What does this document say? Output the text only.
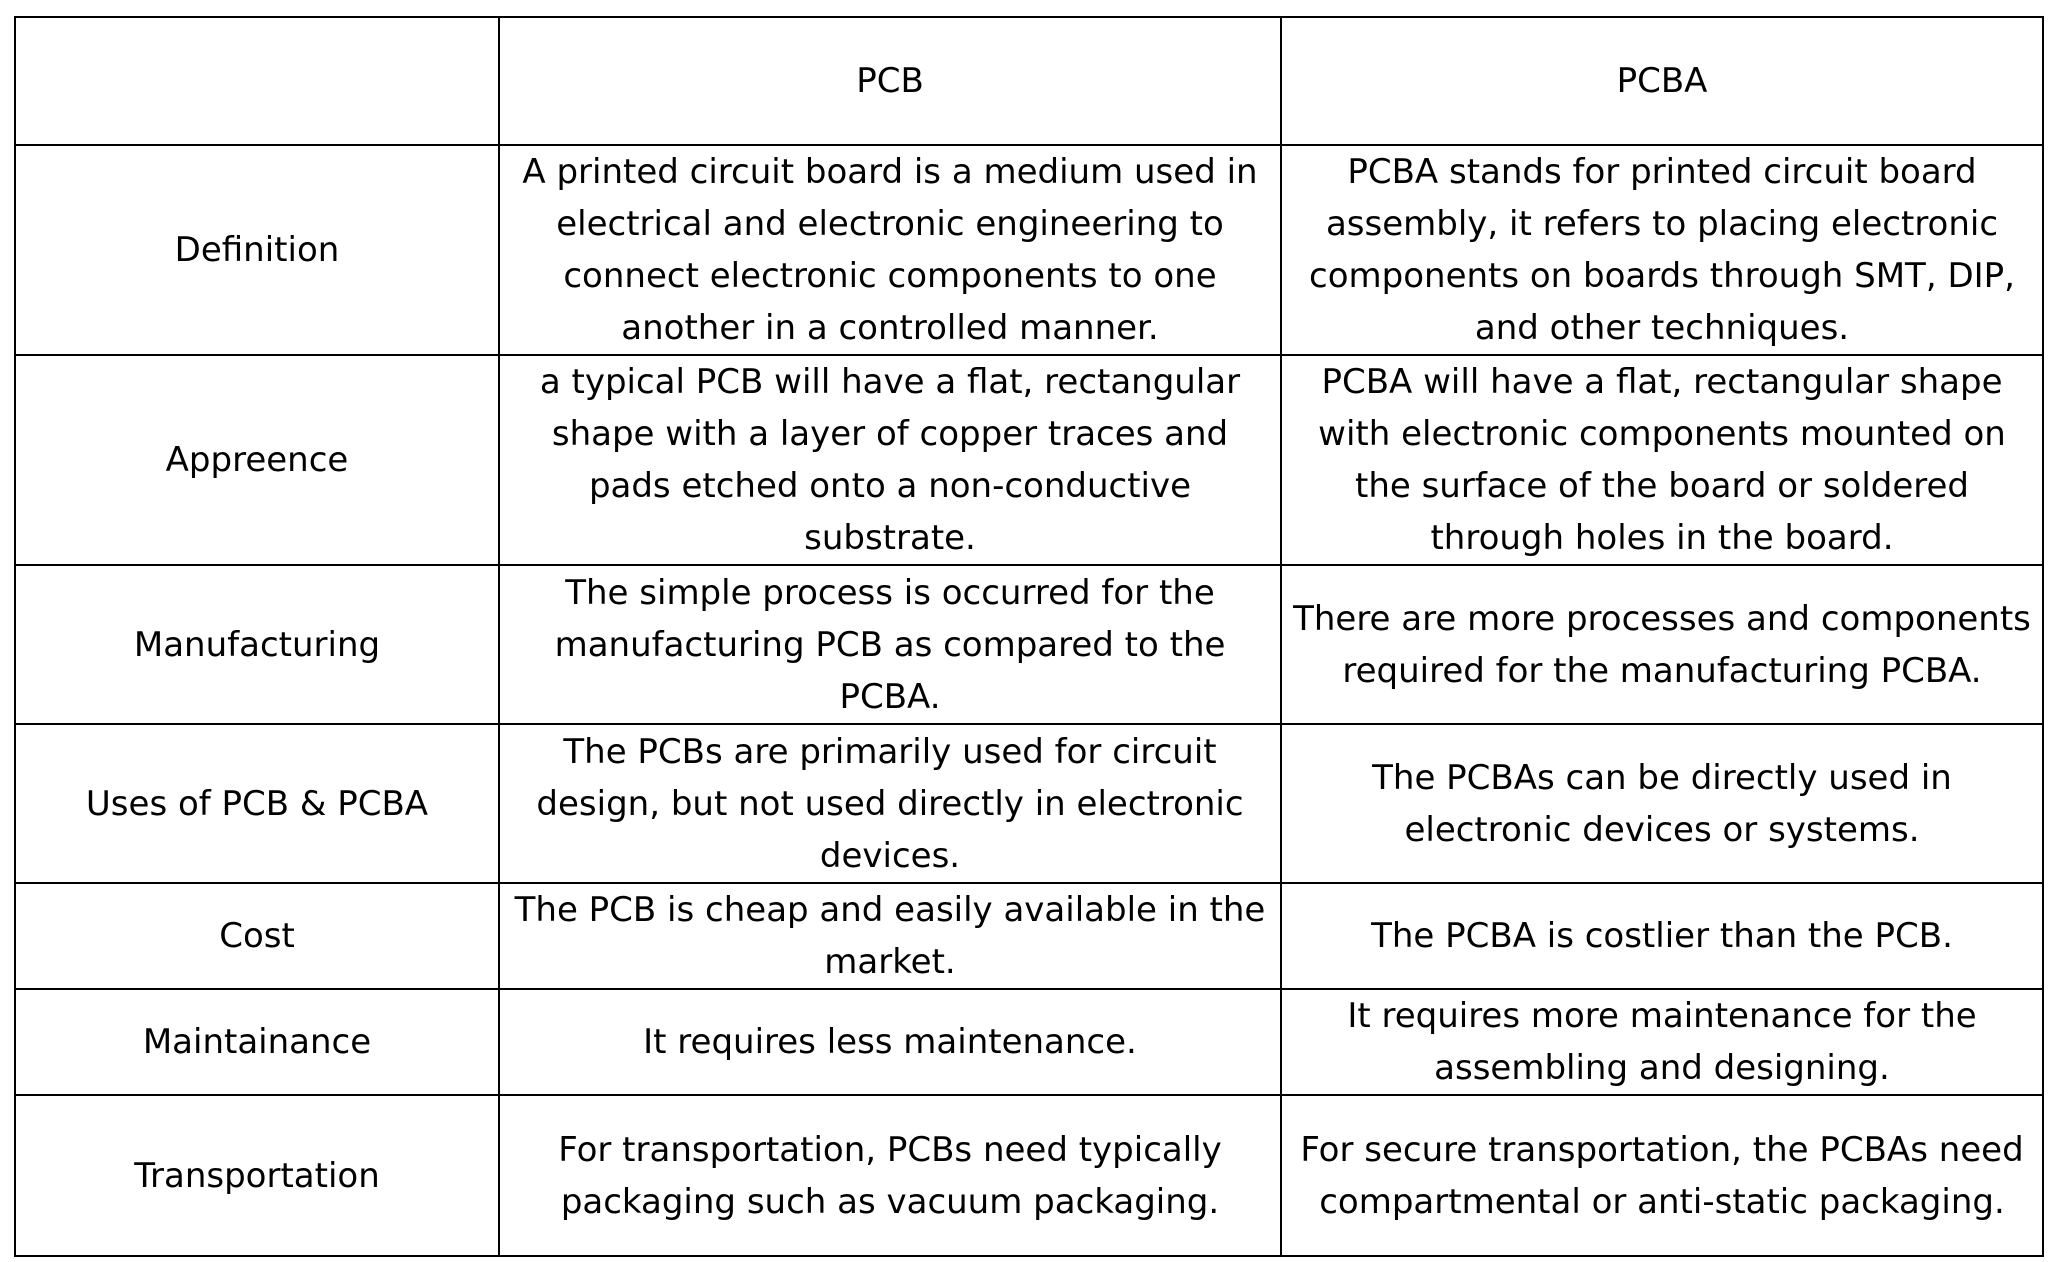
	PCB	PCBA

Definition	A printed circuit board is a medium used in electrical and electronic engineering to connect electronic components to one another in a controlled manner.	PCBA stands for printed circuit board assembly, it refers to placing electronic components on boards through SMT, DIP, and other techniques.

Appreence	a typical PCB will have a flat, rectangular shape with a layer of copper traces and pads etched onto a non-conductive substrate.	PCBA will have a flat, rectangular shape with electronic components mounted on the surface of the board or soldered through holes in the board.

Manufacturing	The simple process is occurred for the manufacturing PCB as compared to the PCBA.	There are more processes and components required for the manufacturing PCBA.

Uses of PCB & PCBA	The PCBs are primarily used for circuit design, but not used directly in electronic devices.	The PCBAs can be directly used in electronic devices or systems.

Cost	The PCB is cheap and easily available in the market.	The PCBA is costlier than the PCB.

Maintainance	It requires less maintenance.	It requires more maintenance for the assembling and designing.

Transportation	For transportation, PCBs need typically packaging such as vacuum packaging.	For secure transportation, the PCBAs need compartmental or anti-static packaging.
